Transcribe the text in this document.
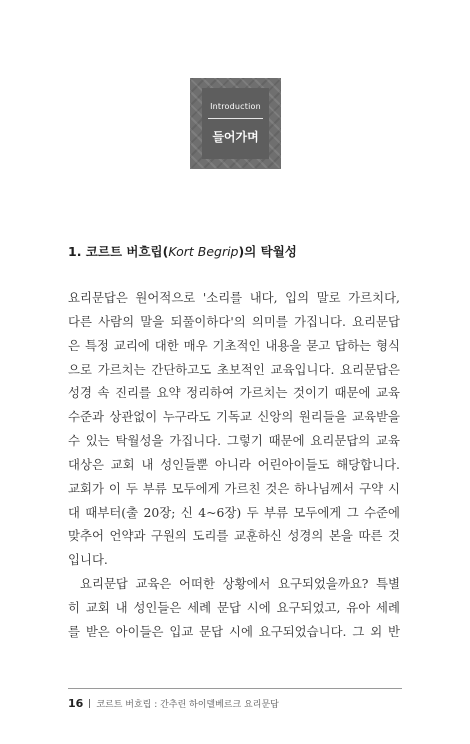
Introduction
들어가며
1. 코르트 버흐립(Kort Begrip)의 탁월성
요리문답은 원어적으로 '소리를 내다, 입의 말로 가르치다,
다른 사람의 말을 되풀이하다'의 의미를 가집니다. 요리문답
은 특정 교리에 대한 매우 기초적인 내용을 묻고 답하는 형식
으로 가르치는 간단하고도 초보적인 교육입니다. 요리문답은
성경 속 진리를 요약 정리하여 가르치는 것이기 때문에 교육
수준과 상관없이 누구라도 기독교 신앙의 원리들을 교육받을
수 있는 탁월성을 가집니다. 그렇기 때문에 요리문답의 교육
대상은 교회 내 성인들뿐 아니라 어린아이들도 해당합니다.
교회가 이 두 부류 모두에게 가르친 것은 하나님께서 구약 시
대 때부터(출 20장; 신 4~6장) 두 부류 모두에게 그 수준에
맞추어 언약과 구원의 도리를 교훈하신 성경의 본을 따른 것
입니다.
요리문답 교육은 어떠한 상황에서 요구되었을까요? 특별
히 교회 내 성인들은 세례 문답 시에 요구되었고, 유아 세례
를 받은 아이들은 입교 문답 시에 요구되었습니다. 그 외 반
16 코르트 버흐립 : 간추린 하이델베르크 요리문답
